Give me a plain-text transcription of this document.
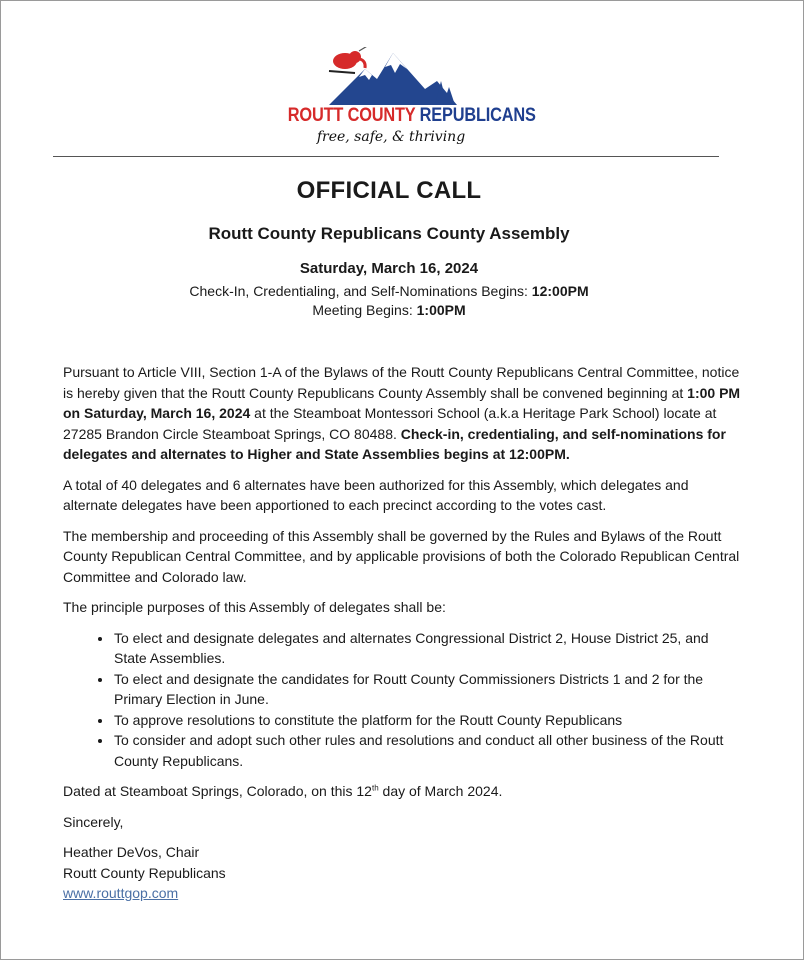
ROUTT COUNTY REPUBLICANS
free, safe, & thriving
OFFICIAL CALL
Routt County Republicans County Assembly
Saturday, March 16, 2024
Check-In, Credentialing, and Self-Nominations Begins: 12:00PM
Meeting Begins: 1:00PM

Pursuant to Article VIII, Section 1-A of the Bylaws of the Routt County Republicans Central Committee, notice is hereby given that the Routt County Republicans County Assembly shall be convened beginning at 1:00 PM on Saturday, March 16, 2024 at the Steamboat Montessori School (a.k.a Heritage Park School) locate at 27285 Brandon Circle Steamboat Springs, CO 80488. Check-in, credentialing, and self-nominations for delegates and alternates to Higher and State Assemblies begins at 12:00PM.

A total of 40 delegates and 6 alternates have been authorized for this Assembly, which delegates and alternate delegates have been apportioned to each precinct according to the votes cast.

The membership and proceeding of this Assembly shall be governed by the Rules and Bylaws of the Routt County Republican Central Committee, and by applicable provisions of both the Colorado Republican Central Committee and Colorado law.

The principle purposes of this Assembly of delegates shall be:

• To elect and designate delegates and alternates Congressional District 2, House District 25, and State Assemblies.
• To elect and designate the candidates for Routt County Commissioners Districts 1 and 2 for the Primary Election in June.
• To approve resolutions to constitute the platform for the Routt County Republicans
• To consider and adopt such other rules and resolutions and conduct all other business of the Routt County Republicans.

Dated at Steamboat Springs, Colorado, on this 12th day of March 2024.

Sincerely,

Heather DeVos, Chair
Routt County Republicans
www.routtgop.com
